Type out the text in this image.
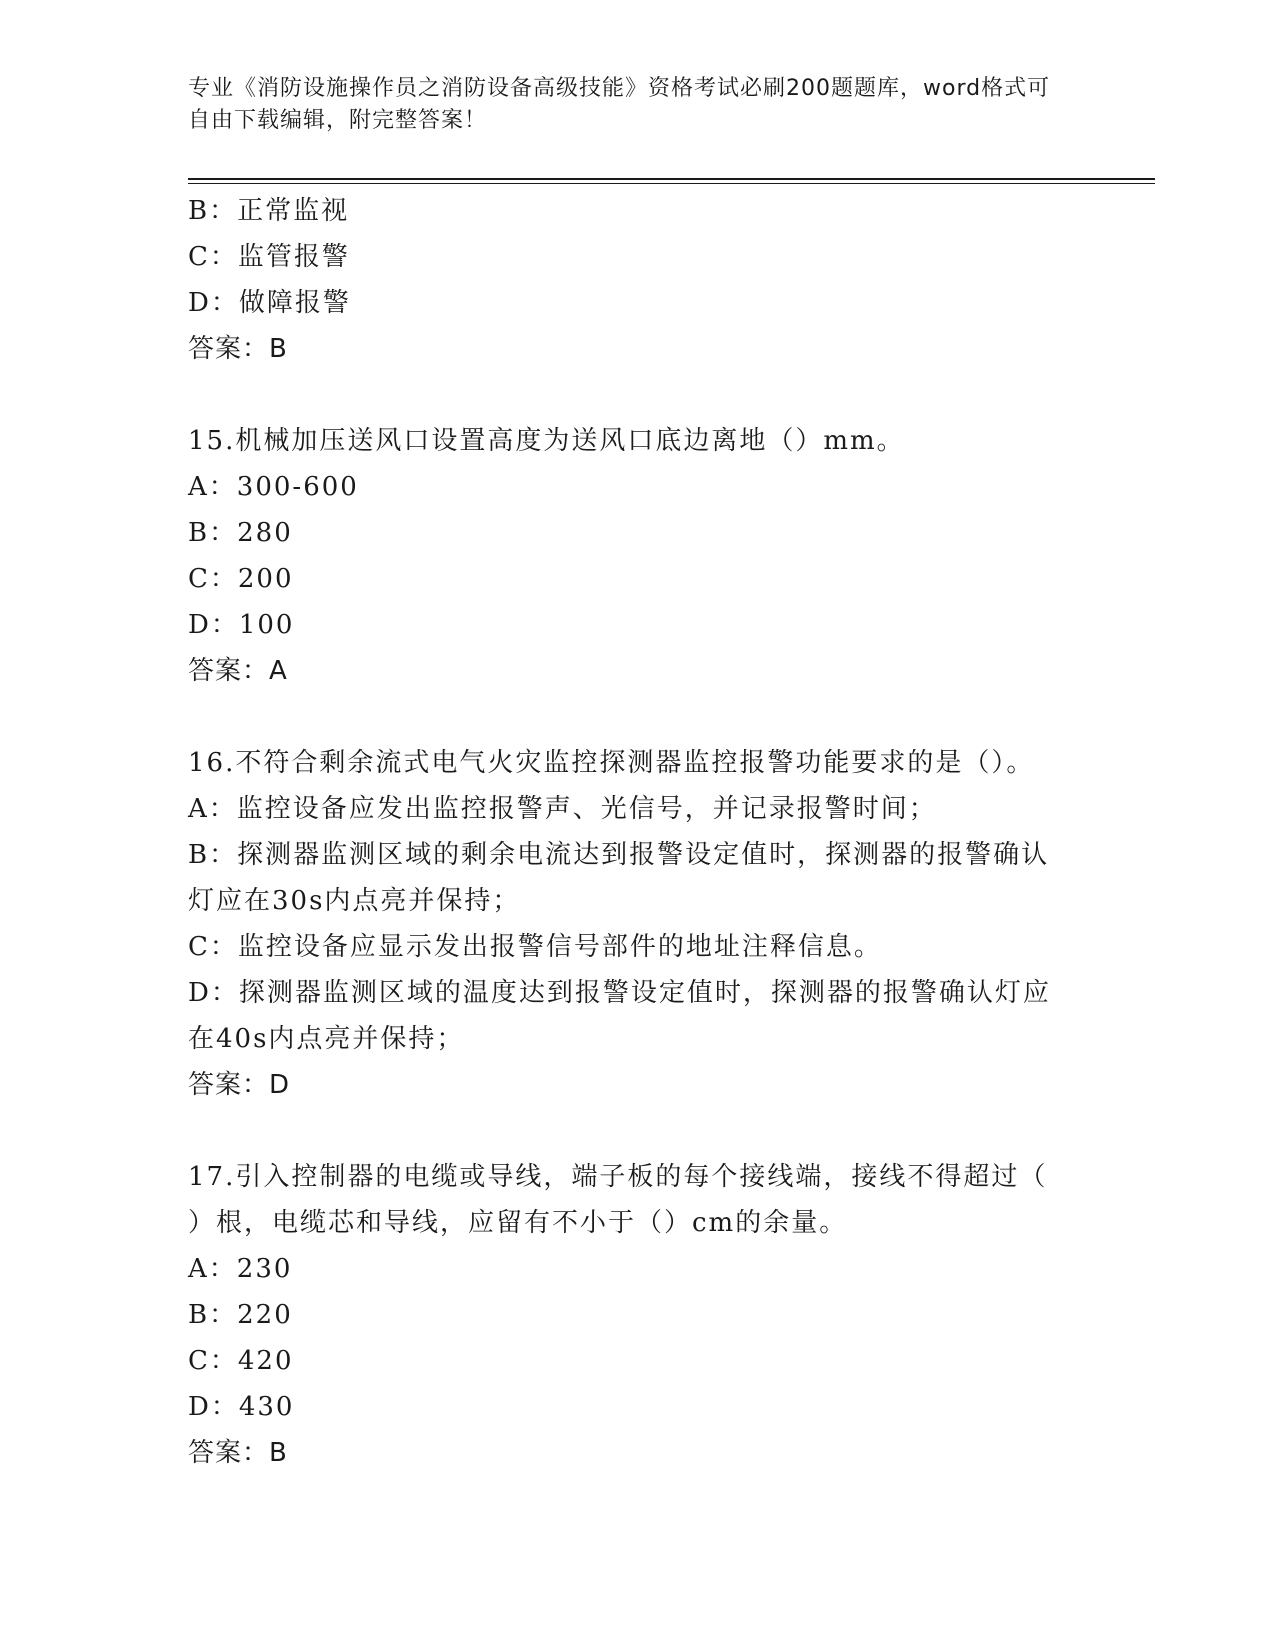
专业《消防设施操作员之消防设备高级技能》资格考试必刷200题题库，word格式可自由下载编辑，附完整答案！
B：正常监视
C：监管报警
D：做障报警
答案：B
15.机械加压送风口设置高度为送风口底边离地（）mm。
A：300-600
B：280
C：200
D：100
答案：A
16.不符合剩余流式电气火灾监控探测器监控报警功能要求的是（）。
A：监控设备应发出监控报警声、光信号，并记录报警时间；
B：探测器监测区域的剩余电流达到报警设定值时，探测器的报警确认
灯应在30s内点亮并保持；
C：监控设备应显示发出报警信号部件的地址注释信息。
D：探测器监测区域的温度达到报警设定值时，探测器的报警确认灯应
在40s内点亮并保持；
答案：D
17.引入控制器的电缆或导线，端子板的每个接线端，接线不得超过（
）根，电缆芯和导线，应留有不小于（）cm的余量。
A：230
B：220
C：420
D：430
答案：B
